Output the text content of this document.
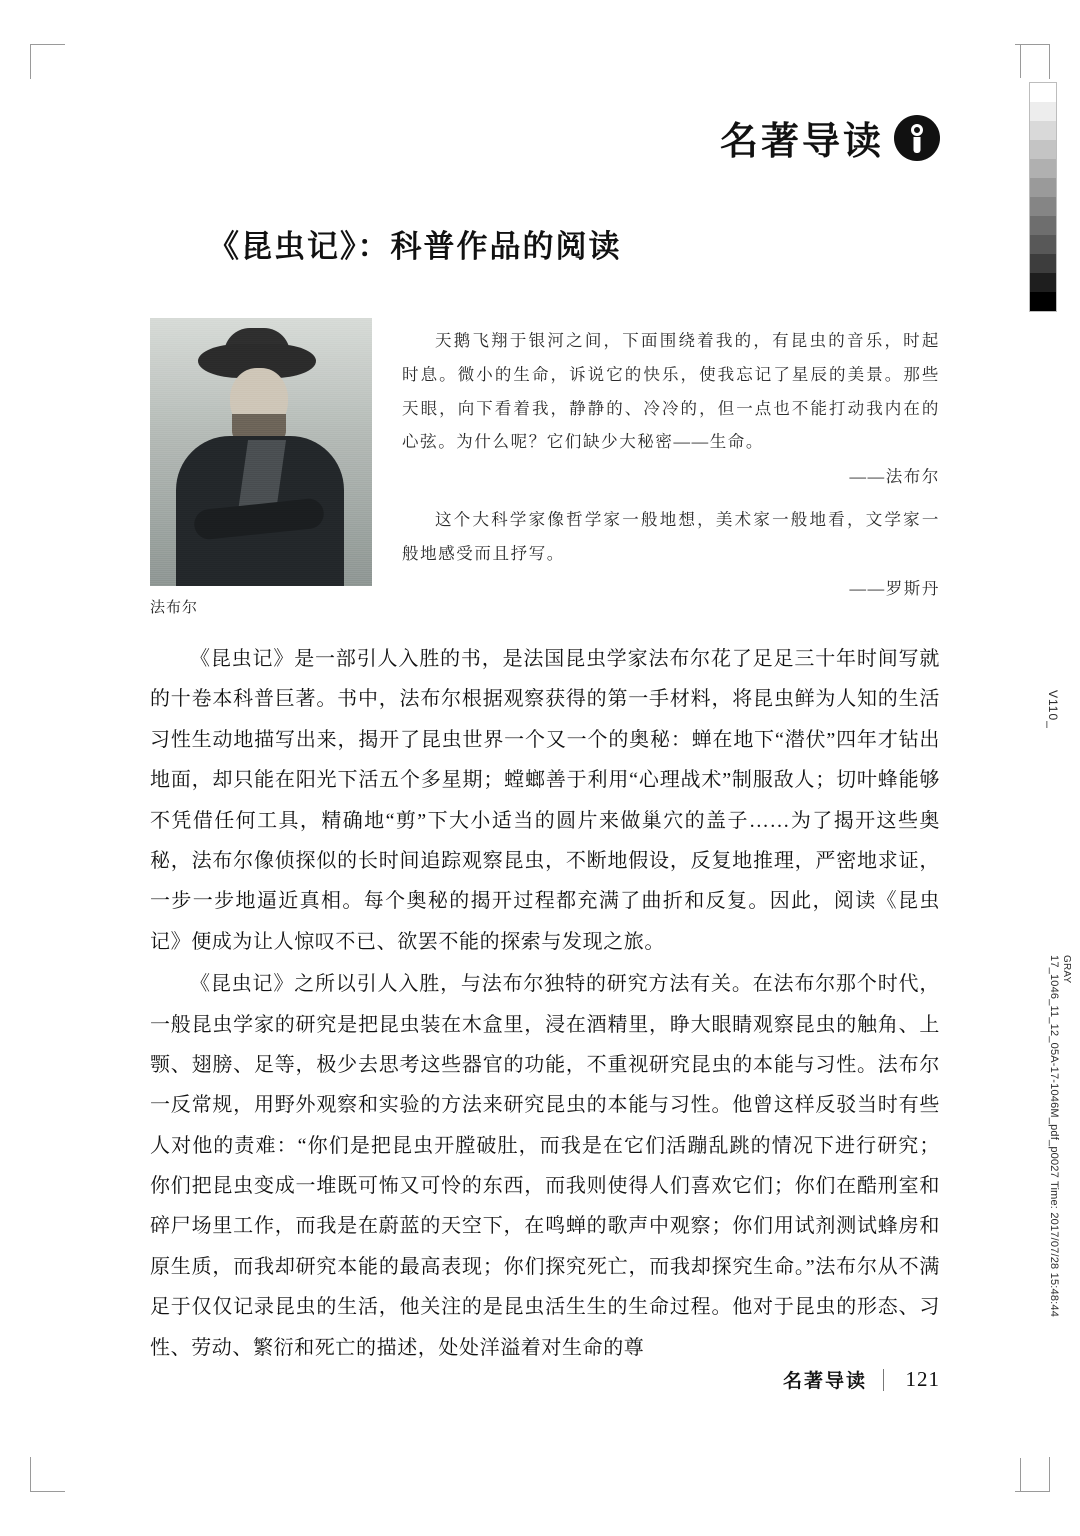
V110_
17_1046_11_12_05A-17-1046M_pdf_p0027 Time: 2017/07/28 15:48:44 GRAY
名著导读
《昆虫记》：科普作品的阅读
法布尔

天鹅飞翔于银河之间，下面围绕着我的，有昆虫的音乐，时起时息。微小的生命，诉说它的快乐，使我忘记了星辰的美景。那些天眼，向下看着我，静静的、冷冷的，但一点也不能打动我内在的心弦。为什么呢？它们缺少大秘密——生命。

——法布尔

这个大科学家像哲学家一般地想，美术家一般地看，文学家一般地感受而且抒写。

——罗斯丹

《昆虫记》是一部引人入胜的书，是法国昆虫学家法布尔花了足足三十年时间写就的十卷本科普巨著。书中，法布尔根据观察获得的第一手材料，将昆虫鲜为人知的生活习性生动地描写出来，揭开了昆虫世界一个又一个的奥秘：蝉在地下“潜伏”四年才钻出地面，却只能在阳光下活五个多星期；螳螂善于利用“心理战术”制服敌人；切叶蜂能够不凭借任何工具，精确地“剪”下大小适当的圆片来做巢穴的盖子……为了揭开这些奥秘，法布尔像侦探似的长时间追踪观察昆虫，不断地假设，反复地推理，严密地求证，一步一步地逼近真相。每个奥秘的揭开过程都充满了曲折和反复。因此，阅读《昆虫记》便成为让人惊叹不已、欲罢不能的探索与发现之旅。

《昆虫记》之所以引人入胜，与法布尔独特的研究方法有关。在法布尔那个时代，一般昆虫学家的研究是把昆虫装在木盒里，浸在酒精里，睁大眼睛观察昆虫的触角、上颚、翅膀、足等，极少去思考这些器官的功能，不重视研究昆虫的本能与习性。法布尔一反常规，用野外观察和实验的方法来研究昆虫的本能与习性。他曾这样反驳当时有些人对他的责难：“你们是把昆虫开膛破肚，而我是在它们活蹦乱跳的情况下进行研究；你们把昆虫变成一堆既可怖又可怜的东西，而我则使得人们喜欢它们；你们在酷刑室和碎尸场里工作，而我是在蔚蓝的天空下，在鸣蝉的歌声中观察；你们用试剂测试蜂房和原生质，而我却研究本能的最高表现；你们探究死亡，而我却探究生命。”法布尔从不满足于仅仅记录昆虫的生活，他关注的是昆虫活生生的生命过程。他对于昆虫的形态、习性、劳动、繁衍和死亡的描述，处处洋溢着对生命的尊

名著导读 121
